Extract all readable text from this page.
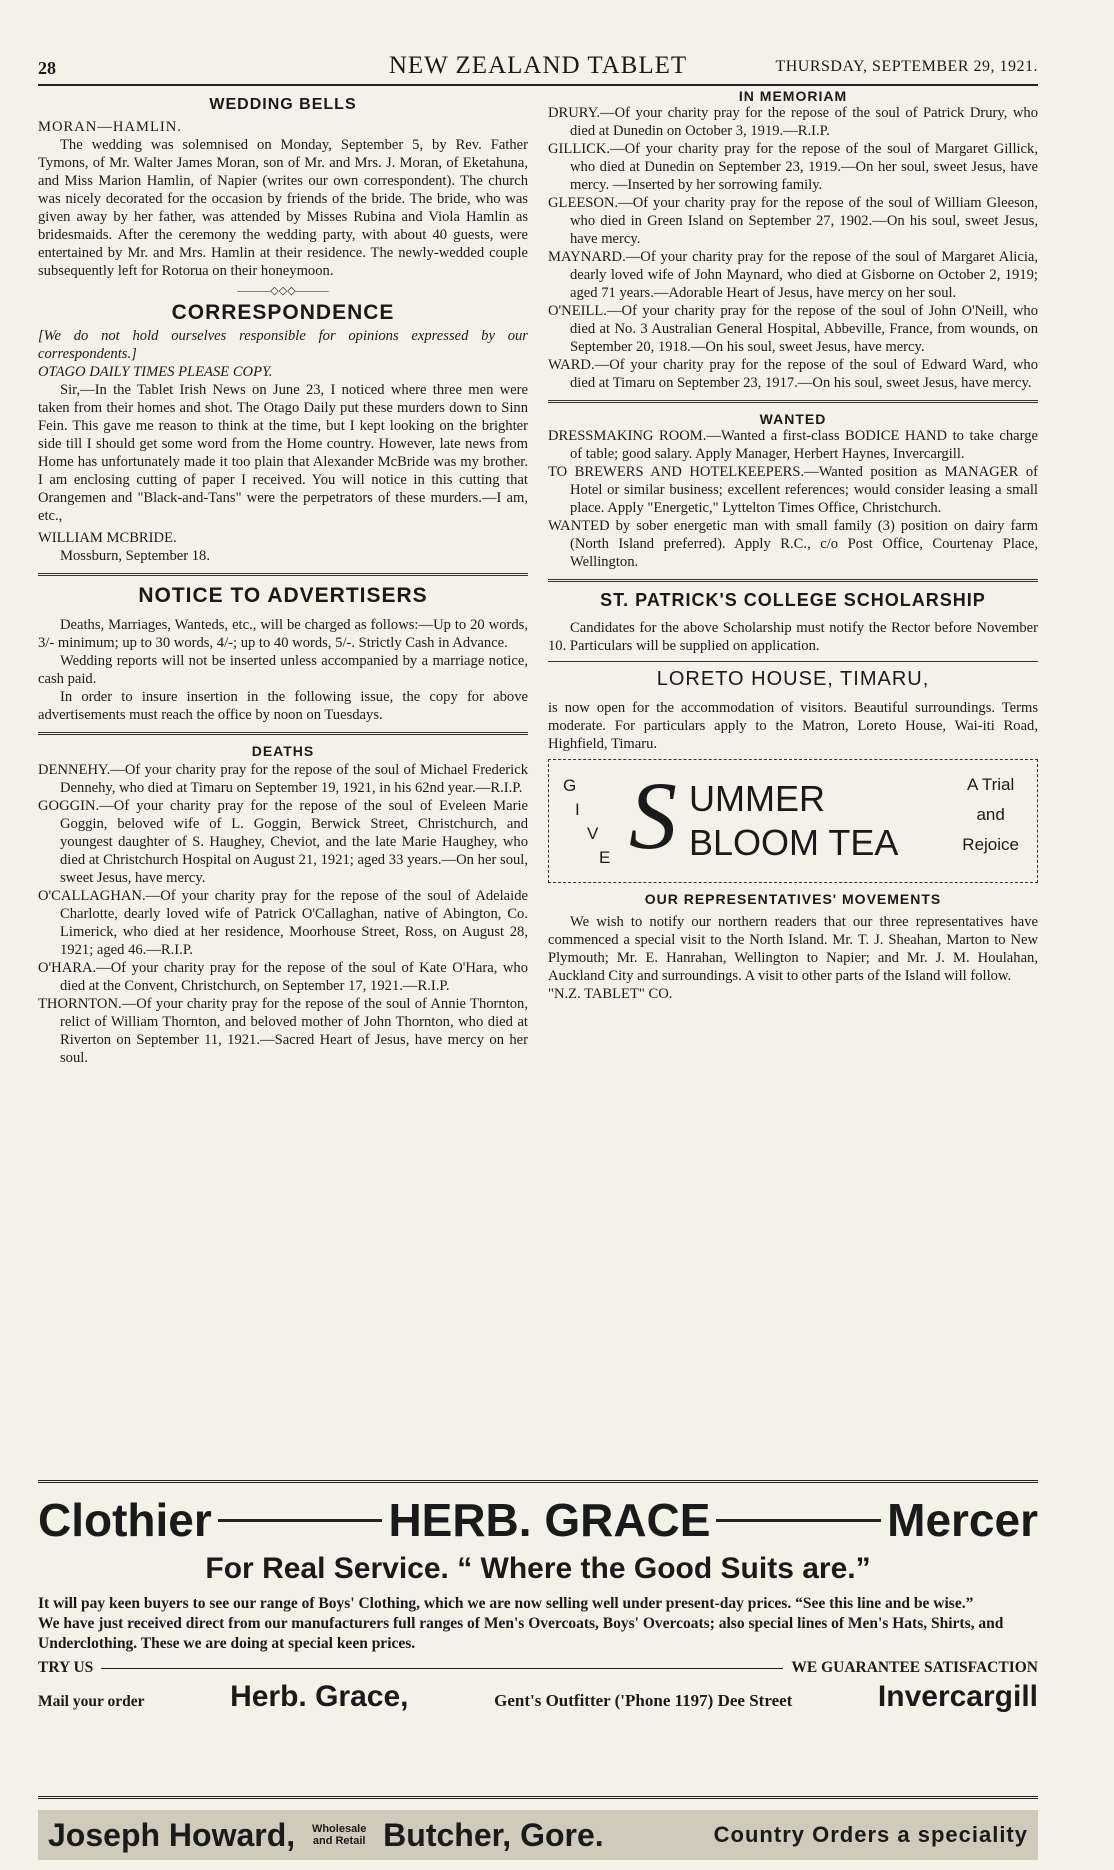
28	NEW ZEALAND TABLET	THURSDAY, SEPTEMBER 29, 1921.
WEDDING BELLS

MORAN—HAMLIN.

The wedding was solemnised on Monday, September 5, by Rev. Father Tymons, of Mr. Walter James Moran, son of Mr. and Mrs. J. Moran, of Eketahuna, and Miss Marion Hamlin, of Napier (writes our own correspondent). The church was nicely decorated for the occasion by friends of the bride. The bride, who was given away by her father, was attended by Misses Rubina and Viola Hamlin as bridesmaids. After the ceremony the wedding party, with about 40 guests, were entertained by Mr. and Mrs. Hamlin at their residence. The newly-wedded couple subsequently left for Rotorua on their honeymoon.

———◇◇◇———
CORRESPONDENCE

[We do not hold ourselves responsible for opinions expressed by our correspondents.]

OTAGO DAILY TIMES PLEASE COPY.

Sir,—In the Tablet Irish News on June 23, I noticed where three men were taken from their homes and shot. The Otago Daily put these murders down to Sinn Fein. This gave me reason to think at the time, but I kept looking on the brighter side till I should get some word from the Home country. However, late news from Home has unfortunately made it too plain that Alexander McBride was my brother. I am enclosing cutting of paper I received. You will notice in this cutting that Orangemen and "Black-and-Tans" were the perpetrators of these murders.—I am, etc.,

WILLIAM MCBRIDE.

Mossburn, September 18.

NOTICE TO ADVERTISERS

Deaths, Marriages, Wanteds, etc., will be charged as follows:—Up to 20 words, 3/- minimum; up to 30 words, 4/-; up to 40 words, 5/-. Strictly Cash in Advance.

Wedding reports will not be inserted unless accompanied by a marriage notice, cash paid.

In order to insure insertion in the following issue, the copy for above advertisements must reach the office by noon on Tuesdays.

DEATHS

DENNEHY.—Of your charity pray for the repose of the soul of Michael Frederick Dennehy, who died at Timaru on September 19, 1921, in his 62nd year.—R.I.P.

GOGGIN.—Of your charity pray for the repose of the soul of Eveleen Marie Goggin, beloved wife of L. Goggin, Berwick Street, Christchurch, and youngest daughter of S. Haughey, Cheviot, and the late Marie Haughey, who died at Christchurch Hospital on August 21, 1921; aged 33 years.—On her soul, sweet Jesus, have mercy.

O'CALLAGHAN.—Of your charity pray for the repose of the soul of Adelaide Charlotte, dearly loved wife of Patrick O'Callaghan, native of Abington, Co. Limerick, who died at her residence, Moorhouse Street, Ross, on August 28, 1921; aged 46.—R.I.P.

O'HARA.—Of your charity pray for the repose of the soul of Kate O'Hara, who died at the Convent, Christchurch, on September 17, 1921.—R.I.P.

THORNTON.—Of your charity pray for the repose of the soul of Annie Thornton, relict of William Thornton, and beloved mother of John Thornton, who died at Riverton on September 11, 1921.—Sacred Heart of Jesus, have mercy on her soul.

IN MEMORIAM

DRURY.—Of your charity pray for the repose of the soul of Patrick Drury, who died at Dunedin on October 3, 1919.—R.I.P.

GILLICK.—Of your charity pray for the repose of the soul of Margaret Gillick, who died at Dunedin on September 23, 1919.—On her soul, sweet Jesus, have mercy. —Inserted by her sorrowing family.

GLEESON.—Of your charity pray for the repose of the soul of William Gleeson, who died in Green Island on September 27, 1902.—On his soul, sweet Jesus, have mercy.

MAYNARD.—Of your charity pray for the repose of the soul of Margaret Alicia, dearly loved wife of John Maynard, who died at Gisborne on October 2, 1919; aged 71 years.—Adorable Heart of Jesus, have mercy on her soul.

O'NEILL.—Of your charity pray for the repose of the soul of John O'Neill, who died at No. 3 Australian General Hospital, Abbeville, France, from wounds, on September 20, 1918.—On his soul, sweet Jesus, have mercy.

WARD.—Of your charity pray for the repose of the soul of Edward Ward, who died at Timaru on September 23, 1917.—On his soul, sweet Jesus, have mercy.

WANTED

DRESSMAKING ROOM.—Wanted a first-class BODICE HAND to take charge of table; good salary. Apply Manager, Herbert Haynes, Invercargill.

TO BREWERS AND HOTELKEEPERS.—Wanted position as MANAGER of Hotel or similar business; excellent references; would consider leasing a small place. Apply "Energetic," Lyttelton Times Office, Christchurch.

WANTED by sober energetic man with small family (3) position on dairy farm (North Island preferred). Apply R.C., c/o Post Office, Courtenay Place, Wellington.

ST. PATRICK'S COLLEGE SCHOLARSHIP

Candidates for the above Scholarship must notify the Rector before November 10. Particulars will be supplied on application.

LORETO HOUSE, TIMARU,

is now open for the accommodation of visitors. Beautiful surroundings. Terms moderate. For particulars apply to the Matron, Loreto House, Wai-iti Road, Highfield, Timaru.

G
I
V
E S UMMER
BLOOM TEA
A Trial
and
Rejoice
OUR REPRESENTATIVES' MOVEMENTS

We wish to notify our northern readers that our three representatives have commenced a special visit to the North Island. Mr. T. J. Sheahan, Marton to New Plymouth; Mr. E. Hanrahan, Wellington to Napier; and Mr. J. M. Houlahan, Auckland City and surroundings. A visit to other parts of the Island will follow.

"N.Z. TABLET" CO.

Clothier	HERB. GRACE	Mercer
For Real Service. “ Where the Good Suits are.”

It will pay keen buyers to see our range of Boys' Clothing, which we are now selling well under present-day prices. “See this line and be wise.”

We have just received direct from our manufacturers full ranges of Men's Overcoats, Boys' Overcoats; also special lines of Men's Hats, Shirts, and Underclothing. These we are doing at special keen prices.

TRY US	WE GUARANTEE SATISFACTION
Mail your order	Herb. Grace,	Gent's Outfitter ('Phone 1197) Dee Street	Invercargill
Joseph Howard, Wholesale and Retail Butcher, Gore.	Country Orders a speciality
